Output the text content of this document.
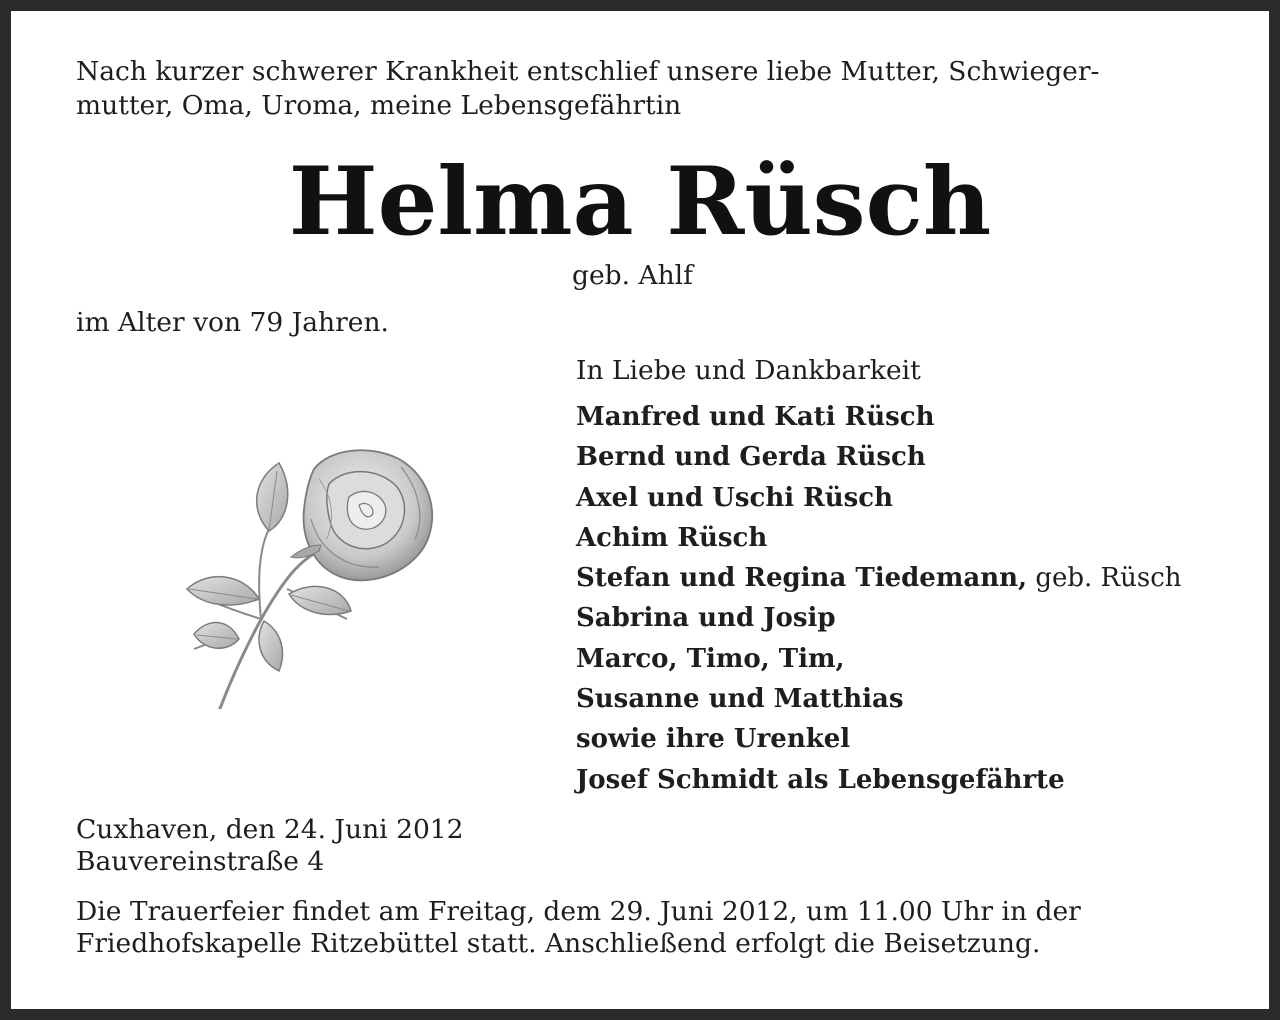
Nach kurzer schwerer Krankheit entschlief unsere liebe Mutter, Schwieger-
mutter, Oma, Uroma, meine Lebensgefährtin

Helma Rüsch

geb. Ahlf

im Alter von 79 Jahren.

In Liebe und Dankbarkeit

Manfred und Kati Rüsch
Bernd und Gerda Rüsch
Axel und Uschi Rüsch
Achim Rüsch
Stefan und Regina Tiedemann, geb. Rüsch
Sabrina und Josip
Marco, Timo, Tim,
Susanne und Matthias
sowie ihre Urenkel
Josef Schmidt als Lebensgefährte

Cuxhaven, den 24. Juni 2012
Bauvereinstraße 4

Die Trauerfeier findet am Freitag, dem 29. Juni 2012, um 11.00 Uhr in der
Friedhofskapelle Ritzebüttel statt. Anschließend erfolgt die Beisetzung.
